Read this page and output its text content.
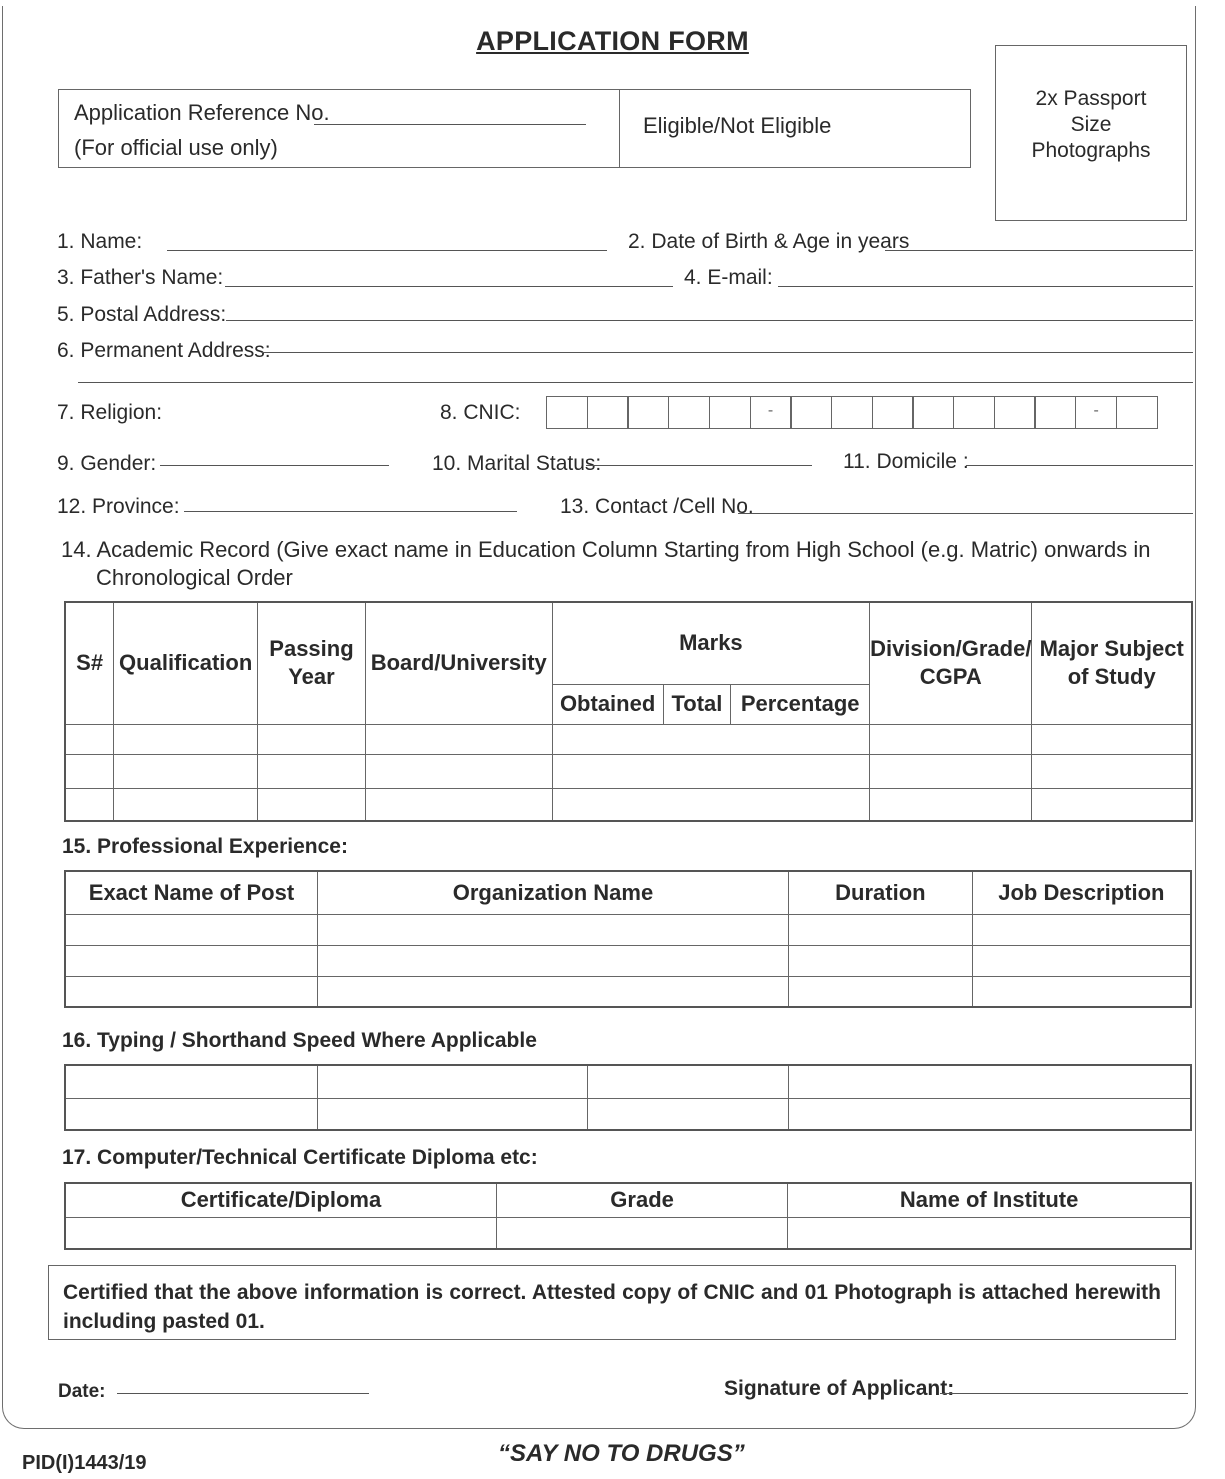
APPLICATION FORM
Application Reference No.
(For official use only)
Eligible/Not Eligible
2x Passport
Size
Photographs
1. Name:	2. Date of Birth & Age in years
3. Father's Name:	4. E-mail:
5. Postal Address:
6. Permanent Address:
7. Religion:	8. CNIC:	-	-
9. Gender:	10. Marital Status:	11. Domicile :
12. Province:	13. Contact /Cell No.
14. Academic Record (Give exact name in Education Column Starting from High School (e.g. Matric) onwards in
Chronological Order
S#	Qualification	Passing Year	Board/University	Marks			Division/Grade/ CGPA	Major Subject of Study
				Obtained	Total	Percentage		

15. Professional Experience:
Exact Name of Post	Organization Name	Duration	Job Description

16. Typing / Shorthand Speed Where Applicable

17. Computer/Technical Certificate Diploma etc:
Certificate/Diploma	Grade	Name of Institute

Certified that the above information is correct. Attested copy of CNIC and 01 Photograph is attached herewith including pasted 01.
Date:	Signature of Applicant:
PID(I)1443/19	“SAY NO TO DRUGS”
